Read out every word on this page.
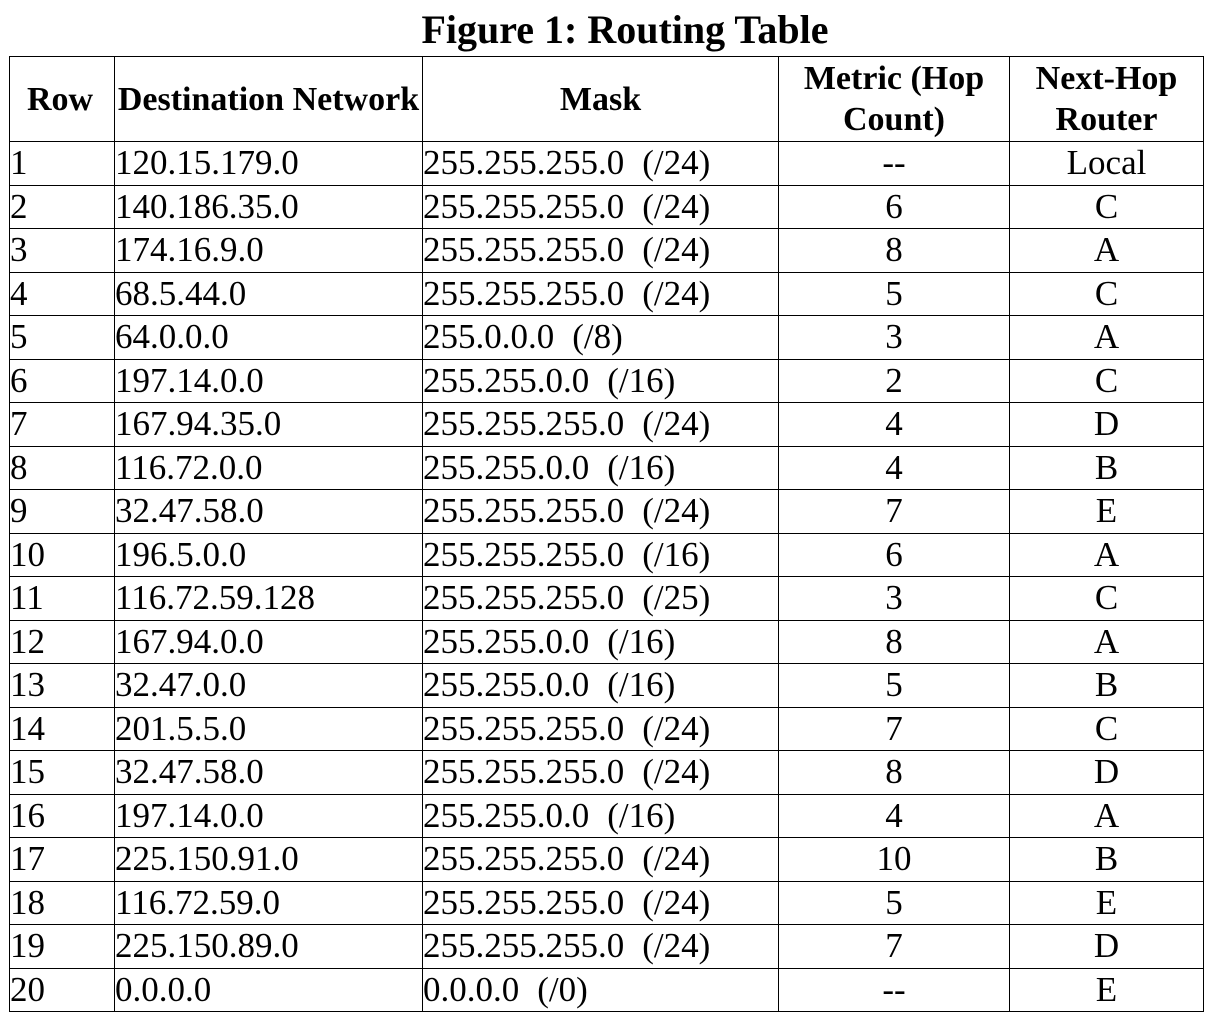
Figure 1: Routing Table
Row	Destination Network	Mask	Metric (Hop Count)	Next-Hop Router
1	120.15.179.0	255.255.255.0 (/24)	--	Local
2	140.186.35.0	255.255.255.0 (/24)	6	C
3	174.16.9.0	255.255.255.0 (/24)	8	A
4	68.5.44.0	255.255.255.0 (/24)	5	C
5	64.0.0.0	255.0.0.0 (/8)	3	A
6	197.14.0.0	255.255.0.0 (/16)	2	C
7	167.94.35.0	255.255.255.0 (/24)	4	D
8	116.72.0.0	255.255.0.0 (/16)	4	B
9	32.47.58.0	255.255.255.0 (/24)	7	E
10	196.5.0.0	255.255.255.0 (/16)	6	A
11	116.72.59.128	255.255.255.0 (/25)	3	C
12	167.94.0.0	255.255.0.0 (/16)	8	A
13	32.47.0.0	255.255.0.0 (/16)	5	B
14	201.5.5.0	255.255.255.0 (/24)	7	C
15	32.47.58.0	255.255.255.0 (/24)	8	D
16	197.14.0.0	255.255.0.0 (/16)	4	A
17	225.150.91.0	255.255.255.0 (/24)	10	B
18	116.72.59.0	255.255.255.0 (/24)	5	E
19	225.150.89.0	255.255.255.0 (/24)	7	D
20	0.0.0.0	0.0.0.0 (/0)	--	E
